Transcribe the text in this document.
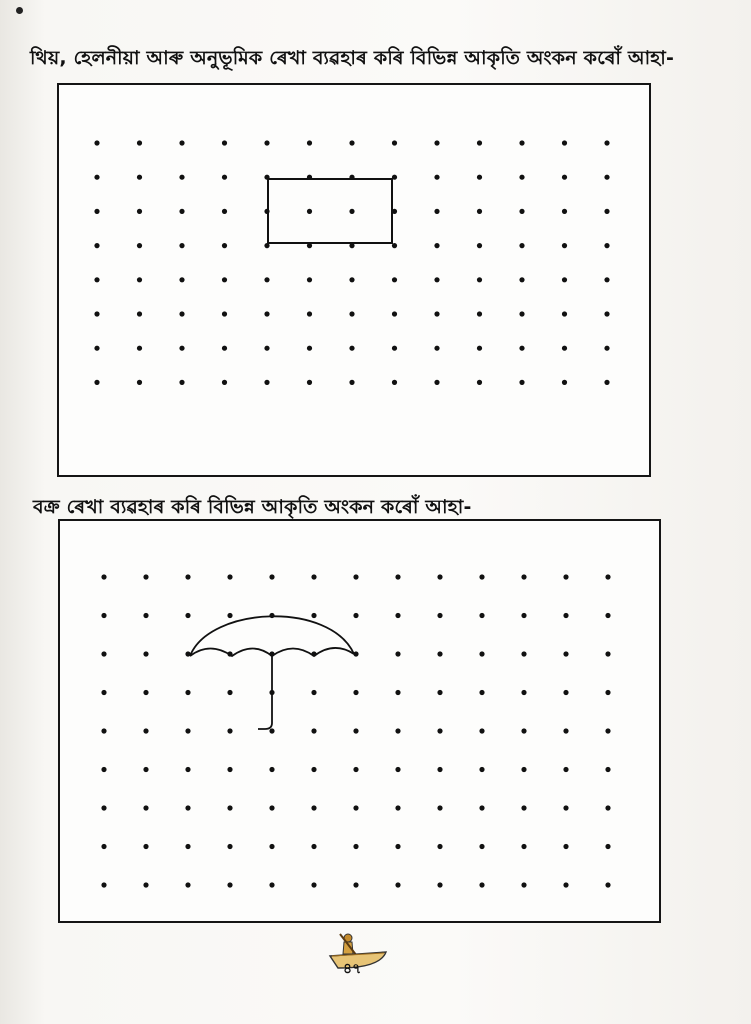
থিয়, হেলনীয়া আৰু অনুভূমিক ৰেখা ব্যৱহাৰ কৰি বিভিন্ন আকৃতি অংকন কৰোঁ আহা-
বক্ৰ ৰেখা ব্যৱহাৰ কৰি বিভিন্ন আকৃতি অংকন কৰোঁ আহা-
৪৭
